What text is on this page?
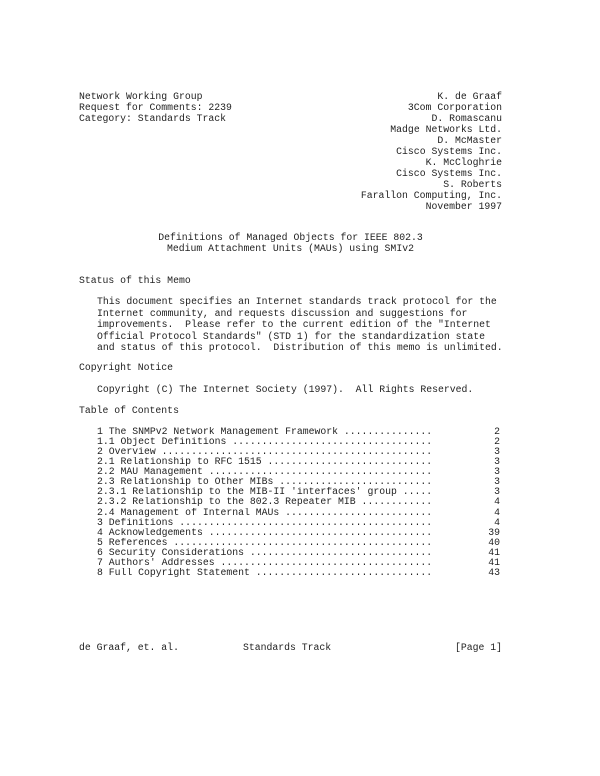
Network Working Group
Request for Comments: 2239
Category: Standards Track
K. de Graaf
3Com Corporation
D. Romascanu
Madge Networks Ltd.
D. McMaster
Cisco Systems Inc.
K. McCloghrie
Cisco Systems Inc.
S. Roberts
Farallon Computing, Inc.
November 1997
Definitions of Managed Objects for IEEE 802.3
Medium Attachment Units (MAUs) using SMIv2
Status of this Memo
This document specifies an Internet standards track protocol for the
Internet community, and requests discussion and suggestions for
improvements.  Please refer to the current edition of the "Internet
Official Protocol Standards" (STD 1) for the standardization state
and status of this protocol.  Distribution of this memo is unlimited.
Copyright Notice
Copyright (C) The Internet Society (1997).  All Rights Reserved.
Table of Contents
1 The SNMPv2 Network Management Framework ...............	2
1.1 Object Definitions ..................................	2
2 Overview ..............................................	3
2.1 Relationship to RFC 1515 ............................	3
2.2 MAU Management ......................................	3
2.3 Relationship to Other MIBs ..........................	3
2.3.1 Relationship to the MIB-II 'interfaces' group .....	3
2.3.2 Relationship to the 802.3 Repeater MIB ............	4
2.4 Management of Internal MAUs .........................	4
3 Definitions ...........................................	4
4 Acknowledgements ......................................	39
5 References ............................................	40
6 Security Considerations ...............................	41
7 Authors' Addresses ....................................	41
8 Full Copyright Statement ..............................	43
de Graaf, et. al.	Standards Track	[Page 1]
